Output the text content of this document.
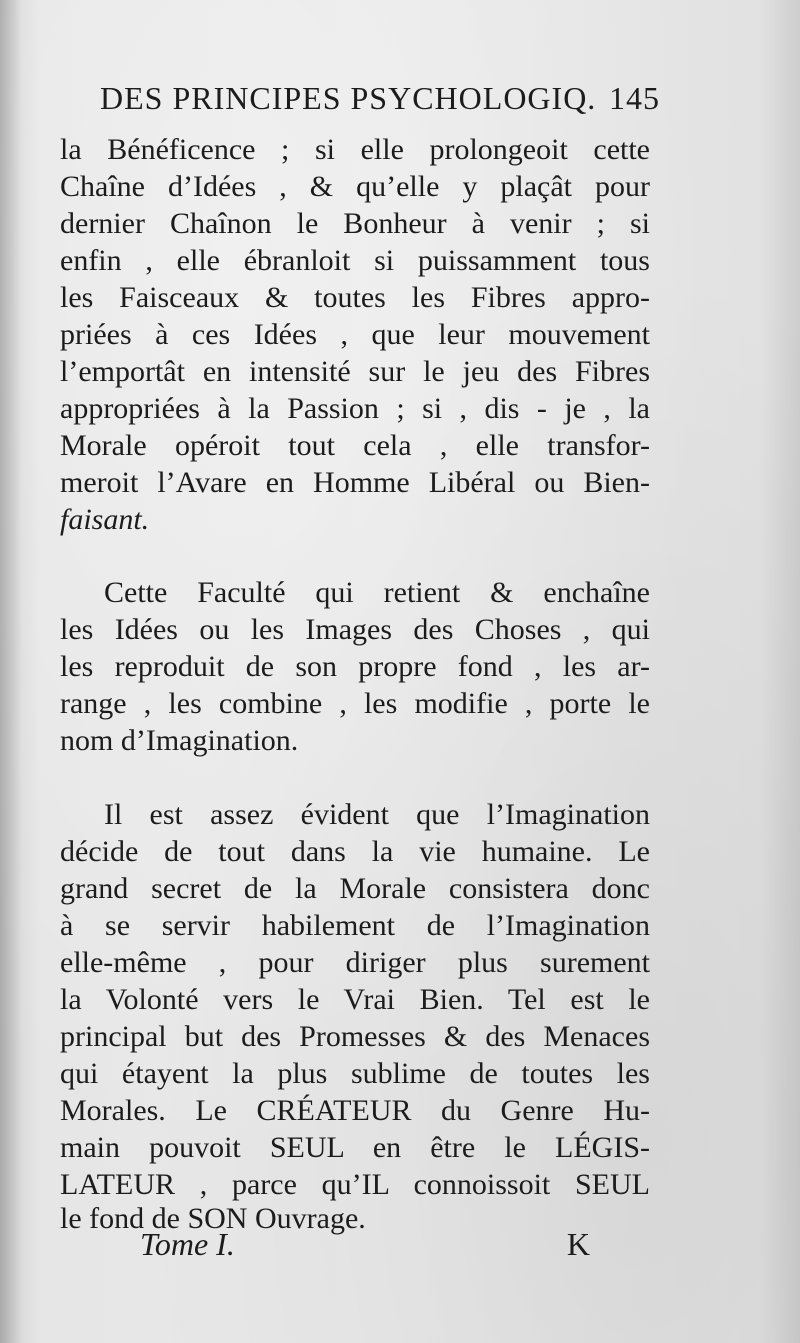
DES PRINCIPES PSYCHOLOGIQ. 145
la Bénéficence ; si elle prolongeoit cette
Chaîne d’Idées , & qu’elle y plaçât pour
dernier Chaînon le Bonheur à venir ; si
enfin , elle ébranloit si puissamment tous
les Faisceaux & toutes les Fibres appro-
priées à ces Idées , que leur mouvement
l’emportât en intensité sur le jeu des Fibres
appropriées à la Passion ; si , dis - je , la
Morale opéroit tout cela , elle transfor-
meroit l’Avare en Homme Libéral ou Bien-
faisant.
Cette Faculté qui retient & enchaîne
les Idées ou les Images des Choses , qui
les reproduit de son propre fond , les ar-
range , les combine , les modifie , porte le
nom d’Imagination.
Il est assez évident que l’Imagination
décide de tout dans la vie humaine. Le
grand secret de la Morale consistera donc
à se servir habilement de l’Imagination
elle-même , pour diriger plus surement
la Volonté vers le Vrai Bien. Tel est le
principal but des Promesses & des Menaces
qui étayent la plus sublime de toutes les
Morales. Le CRÉATEUR du Genre Hu-
main pouvoit SEUL en être le LÉGIS-
LATEUR , parce qu’IL connoissoit SEUL
le fond de SON Ouvrage.
Tome I.	K
